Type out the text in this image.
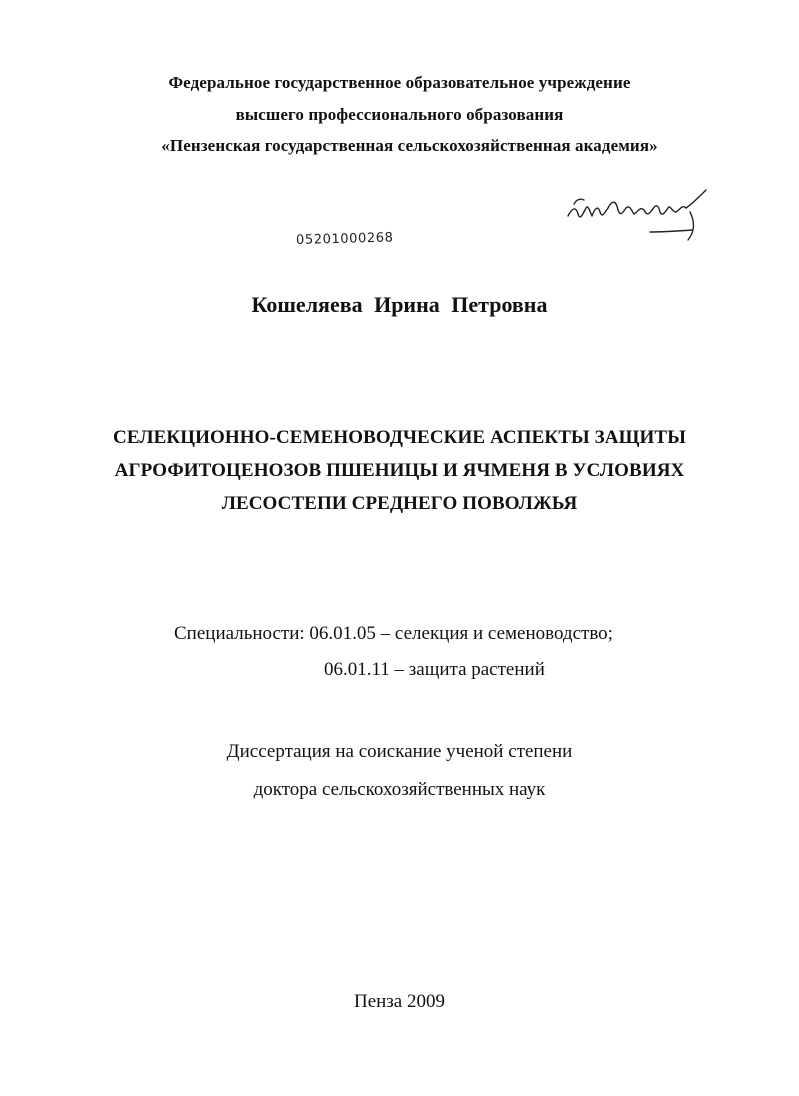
Федеральное государственное образовательное учреждение
высшего профессионального образования
«Пензенская государственная сельскохозяйственная академия»
05201000268
Кошеляева Ирина Петровна
СЕЛЕКЦИОННО-СЕМЕНОВОДЧЕСКИЕ АСПЕКТЫ ЗАЩИТЫ
АГРОФИТОЦЕНОЗОВ ПШЕНИЦЫ И ЯЧМЕНЯ В УСЛОВИЯХ
ЛЕСОСТЕПИ СРЕДНЕГО ПОВОЛЖЬЯ
Специальности: 06.01.05 – селекция и семеноводство;
06.01.11 – защита растений
Диссертация на соискание ученой степени
доктора сельскохозяйственных наук
Пенза 2009
